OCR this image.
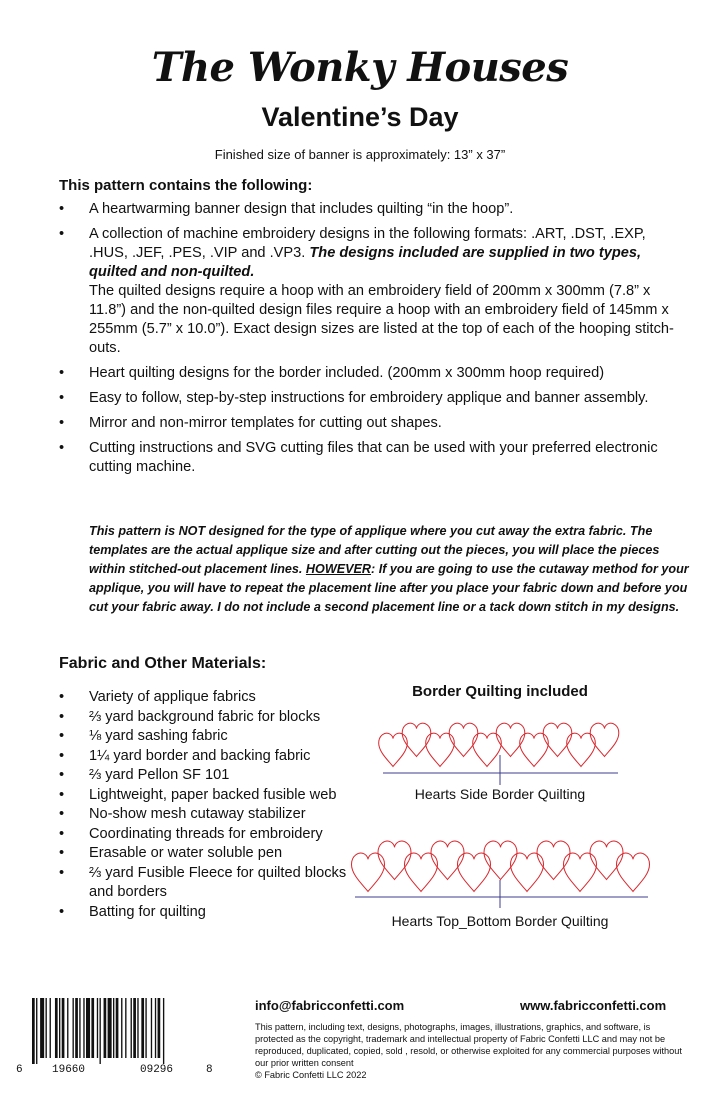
The Wonky Houses
Valentine’s Day
Finished size of banner is approximately: 13” x 37”
This pattern contains the following:
• A heartwarming banner design that includes quilting “in the hoop”.
• A collection of machine embroidery designs in the following formats: .ART, .DST, .EXP, .HUS, .JEF, .PES, .VIP and .VP3. The designs included are supplied in two types, quilted and non-quilted.
The quilted designs require a hoop with an embroidery field of 200mm x 300mm (7.8” x 11.8”) and the non-quilted design files require a hoop with an embroidery field of 145mm x 255mm (5.7” x 10.0”). Exact design sizes are listed at the top of each of the hooping stitch-outs.
• Heart quilting designs for the border included. (200mm x 300mm hoop required)
• Easy to follow, step-by-step instructions for embroidery applique and banner assembly.
• Mirror and non-mirror templates for cutting out shapes.
• Cutting instructions and SVG cutting files that can be used with your preferred electronic cutting machine.
This pattern is NOT designed for the type of applique where you cut away the extra fabric. The templates are the actual applique size and after cutting out the pieces, you will place the pieces within stitched-out placement lines. HOWEVER: If you are going to use the cutaway method for your applique, you will have to repeat the placement line after you place your fabric down and before you cut your fabric away. I do not include a second placement line or a tack down stitch in my designs.
Fabric and Other Materials:
• Variety of applique fabrics
• ⅔ yard background fabric for blocks
• ⅛ yard sashing fabric
• 1¼ yard border and backing fabric
• ⅔ yard Pellon SF 101
• Lightweight, paper backed fusible web
• No-show mesh cutaway stabilizer
• Coordinating threads for embroidery
• Erasable or water soluble pen
• ⅔ yard Fusible Fleece for quilted blocks and borders
• Batting for quilting
Border Quilting included
Hearts Side Border Quilting
Hearts Top_Bottom Border Quilting
6	19660	09296	8
info@fabricconfetti.com	www.fabricconfetti.com
This pattern, including text, designs, photographs, images, illustrations, graphics, and software, is protected as the copyright, trademark and intellectual property of Fabric Confetti LLC and may not be reproduced, duplicated, copied, sold , resold, or otherwise exploited for any commercial purposes without our prior written consent
© Fabric Confetti LLC 2022
